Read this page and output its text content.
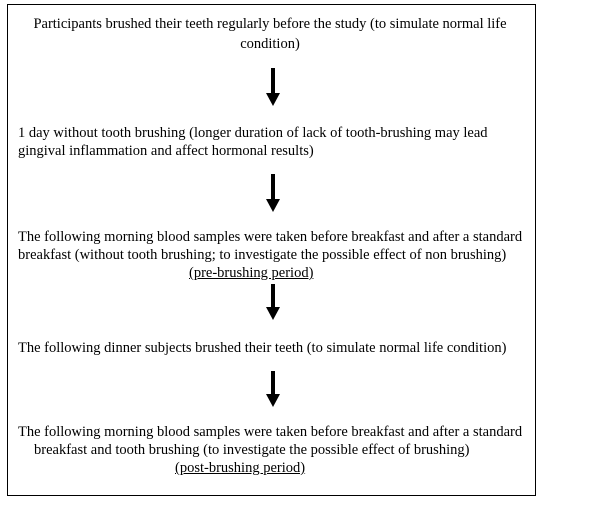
Participants brushed their teeth regularly before the study (to simulate normal life
condition)
1 day without tooth brushing (longer duration of lack of tooth-brushing may lead
gingival inflammation and affect hormonal results)
The following morning blood samples were taken before breakfast and after a standard
breakfast (without tooth brushing; to investigate the possible effect of non brushing)
(pre-brushing period)
The following dinner subjects brushed their teeth (to simulate normal life condition)
The following morning blood samples were taken before breakfast and after a standard
breakfast and tooth brushing (to investigate the possible effect of brushing)
(post-brushing period)
